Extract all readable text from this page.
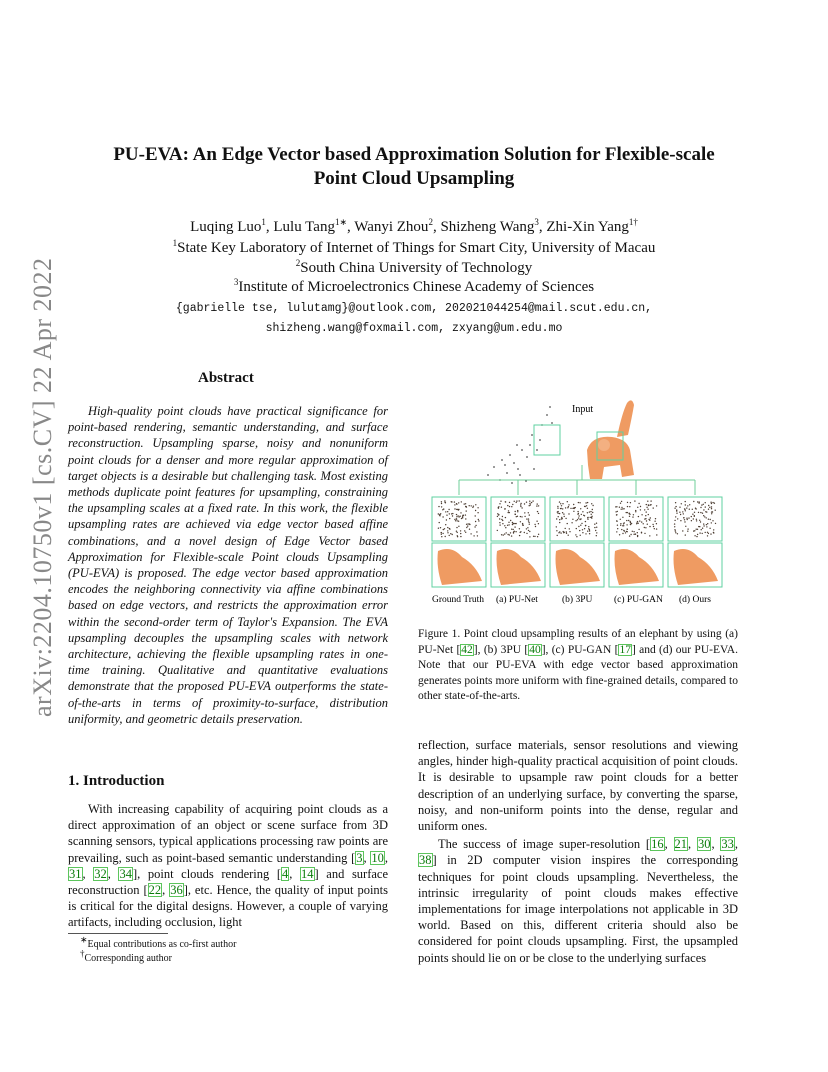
arXiv:2204.10750v1 [cs.CV] 22 Apr 2022
PU-EVA: An Edge Vector based Approximation Solution for Flexible-scale
Point Cloud Upsampling
Luqing Luo$^1$, Lulu Tang$^{1∗}$, Wanyi Zhou$^2$, Shizheng Wang$^3$, Zhi-Xin Yang$^{1\dagger}$
$^1$State Key Laboratory of Internet of Things for Smart City, University of Macau
$^2$South China University of Technology
$^3$Institute of Microelectronics Chinese Academy of Sciences
{gabrielle tse, lulutamg}@outlook.com, 202021044254@mail.scut.edu.cn,
shizheng.wang@foxmail.com, zxyang@um.edu.mo
Abstract

High-quality point clouds have practical significance for point-based rendering, semantic understanding, and surface reconstruction. Upsampling sparse, noisy and nonuniform point clouds for a denser and more regular approximation of target objects is a desirable but challenging task. Most existing methods duplicate point features for upsampling, constraining the upsampling scales at a fixed rate. In this work, the flexible upsampling rates are achieved via edge vector based affine combinations, and a novel design of Edge Vector based Approximation for Flexible-scale Point clouds Upsampling (PU-EVA) is proposed. The edge vector based approximation encodes the neighboring connectivity via affine combinations based on edge vectors, and restricts the approximation error within the second-order term of Taylor's Expansion. The EVA upsampling decouples the upsampling scales with network architecture, achieving the flexible upsampling rates in one-time training. Qualitative and quantitative evaluations demonstrate that the proposed PU-EVA outperforms the state-of-the-arts in terms of proximity-to-surface, distribution uniformity, and geometric details preservation.

1. Introduction

With increasing capability of acquiring point clouds as a direct approximation of an object or scene surface from 3D scanning sensors, typical applications processing raw points are prevailing, such as point-based semantic understanding [3, 10, 31, 32, 34], point clouds rendering [4, 14] and surface reconstruction [22, 36], etc. Hence, the quality of input points is critical for the digital designs. However, a couple of varying artifacts, including occlusion, light

∗Equal contributions as co-first author
†Corresponding author
Input
Ground Truth (a) PU-Net	(b) 3PU (c) PU-GAN (d) Ours

Figure 1. Point cloud upsampling results of an elephant by using (a) PU-Net [42], (b) 3PU [40], (c) PU-GAN [17] and (d) our PU-EVA. Note that our PU-EVA with edge vector based approximation generates points more uniform with fine-grained details, compared to other state-of-the-arts.

reflection, surface materials, sensor resolutions and viewing angles, hinder high-quality practical acquisition of point clouds. It is desirable to upsample raw point clouds for a better description of an underlying surface, by converting the sparse, noisy, and non-uniform points into the dense, regular and uniform ones.

The success of image super-resolution [16, 21, 30, 33, 38] in 2D computer vision inspires the corresponding techniques for point clouds upsampling. Nevertheless, the intrinsic irregularity of point clouds makes effective implementations for image interpolations not applicable in 3D world. Based on this, different criteria should also be considered for point clouds upsampling. First, the upsampled points should lie on or be close to the underlying surfaces
